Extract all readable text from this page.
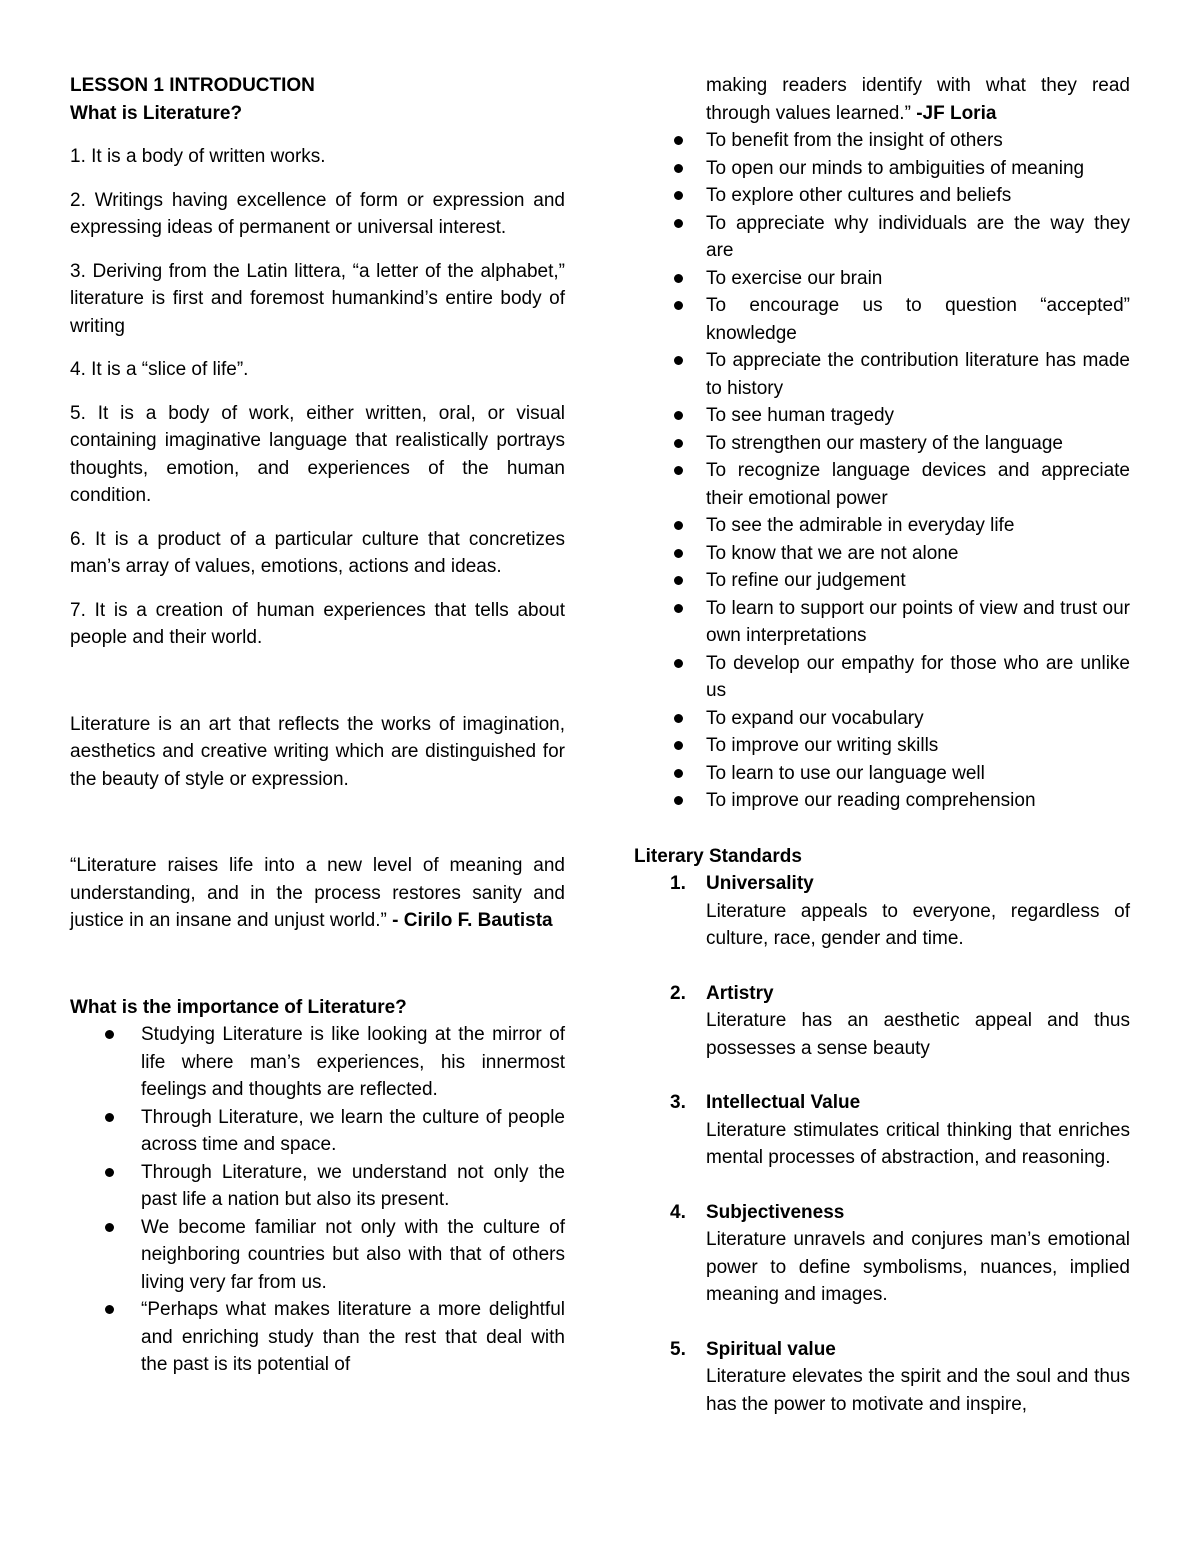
LESSON 1 INTRODUCTION
What is Literature?

1. It is a body of written works.

2. Writings having excellence of form or expression and expressing ideas of permanent or universal interest.

3. Deriving from the Latin littera, “a letter of the alphabet,” literature is first and foremost humankind’s entire body of writing

4. It is a “slice of life”.

5. It is a body of work, either written, oral, or visual containing imaginative language that realistically portrays thoughts, emotion, and experiences of the human condition.

6. It is a product of a particular culture that concretizes man’s array of values, emotions, actions and ideas.

7. It is a creation of human experiences that tells about people and their world.

Literature is an art that reflects the works of imagination, aesthetics and creative writing which are distinguished for the beauty of style or expression.

“Literature raises life into a new level of meaning and understanding, and in the process restores sanity and justice in an insane and unjust world.” - Cirilo F. Bautista

What is the importance of Literature?
Studying Literature is like looking at the mirror of life where man’s experiences, his innermost feelings and thoughts are reflected.
Through Literature, we learn the culture of people across time and space.
Through Literature, we understand not only the past life a nation but also its present.
We become familiar not only with the culture of neighboring countries but also with that of others living very far from us.
“Perhaps what makes literature a more delightful and enriching study than the rest that deal with the past is its potential of
making readers identify with what they read through values learned.” -JF Loria
To benefit from the insight of others
To open our minds to ambiguities of meaning
To explore other cultures and beliefs
To appreciate why individuals are the way they are
To exercise our brain
To encourage us to question “accepted” knowledge
To appreciate the contribution literature has made to history
To see human tragedy
To strengthen our mastery of the language
To recognize language devices and appreciate their emotional power
To see the admirable in everyday life
To know that we are not alone
To refine our judgement
To learn to support our points of view and trust our own interpretations
To develop our empathy for those who are unlike us
To expand our vocabulary
To improve our writing skills
To learn to use our language well
To improve our reading comprehension
Literary Standards
1. Universality
Literature appeals to everyone, regardless of culture, race, gender and time.
2. Artistry
Literature has an aesthetic appeal and thus possesses a sense beauty
3. Intellectual Value
Literature stimulates critical thinking that enriches mental processes of abstraction, and reasoning.
4. Subjectiveness
Literature unravels and conjures man’s emotional power to define symbolisms, nuances, implied meaning and images.
5. Spiritual value
Literature elevates the spirit and the soul and thus has the power to motivate and inspire,
